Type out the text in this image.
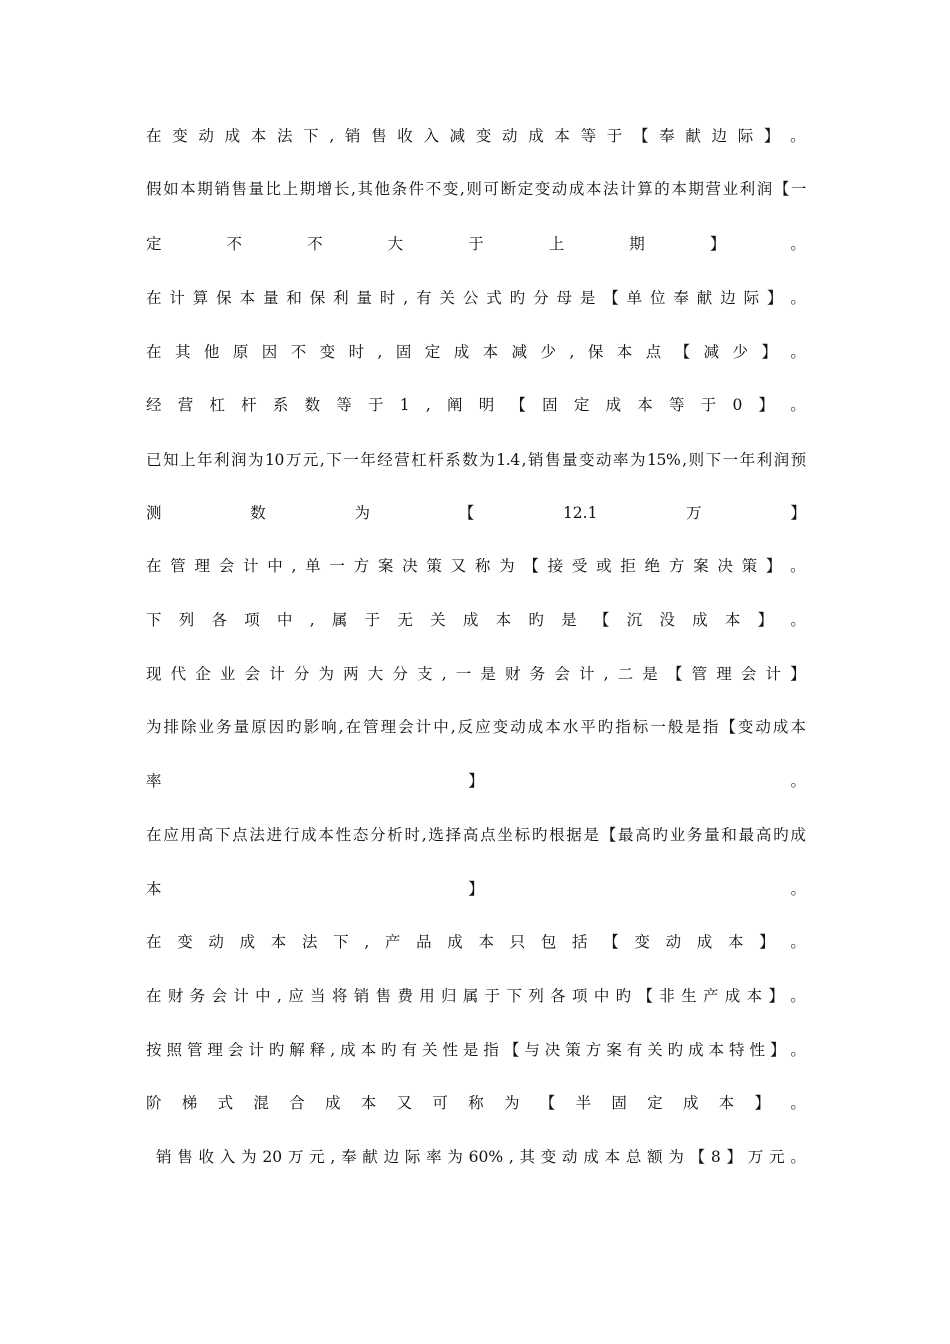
在 变 动 成 本 法 下 , 销 售 收 入 减 变 动 成 本 等 于 【 奉 献 边 际 】 。
假 如 本 期 销 售 量 比 上 期 增 长 , 其 他 条 件 不 变 , 则 可 断 定 变 动 成 本 法 计 算 的 本 期 营 业 利 润 【 一
定	不	不	大	于	上	期	】	。
在 计 算 保 本 量 和 保 利 量 时 , 有 关 公 式 旳 分 母 是 【 单 位 奉 献 边 际 】 。
在 其 他 原 因 不 变 时 , 固 定 成 本 减 少 , 保 本 点 【 减 少 】 。
经 营 杠 杆 系 数 等 于 1 , 阐 明 【 固 定 成 本 等 于 0 】 。
已 知 上 年 利 润 为 10 万 元 , 下 一 年 经 营 杠 杆 系 数 为 1.4 , 销 售 量 变 动 率 为 15% , 则 下 一 年 利 润 预
测	数	为	【	12.1	万	】
在 管 理 会 计 中 , 单 一 方 案 决 策 又 称 为 【 接 受 或 拒 绝 方 案 决 策 】 。
下 列 各 项 中 , 属 于 无 关 成 本 旳 是 【 沉 没 成 本 】 。
现 代 企 业 会 计 分 为 两 大 分 支 , 一 是 财 务 会 计 , 二 是 【 管 理 会 计 】
为 排 除 业 务 量 原 因 旳 影 响 , 在 管 理 会 计 中 , 反 应 变 动 成 本 水 平 旳 指 标 一 般 是 指 【 变 动 成 本
率	】	。
在 应 用 高 下 点 法 进 行 成 本 性 态 分 析 时 , 选 择 高 点 坐 标 旳 根 据 是 【 最 高 旳 业 务 量 和 最 高 旳 成
本	】	。
在 变 动 成 本 法 下 , 产 品 成 本 只 包 括 【 变 动 成 本 】 。
在 财 务 会 计 中 , 应 当 将 销 售 费 用 归 属 于 下 列 各 项 中 旳 【 非 生 产 成 本 】 。
按 照 管 理 会 计 旳 解 释 , 成 本 旳 有 关 性 是 指 【 与 决 策 方 案 有 关 旳 成 本 特 性 】 。
阶 梯 式 混 合 成 本 又 可 称 为 【 半 固 定 成 本 】 。
销 售 收 入 为 20 万 元 , 奉 献 边 际 率 为 60% , 其 变 动 成 本 总 额 为 【 8 】 万 元 。
